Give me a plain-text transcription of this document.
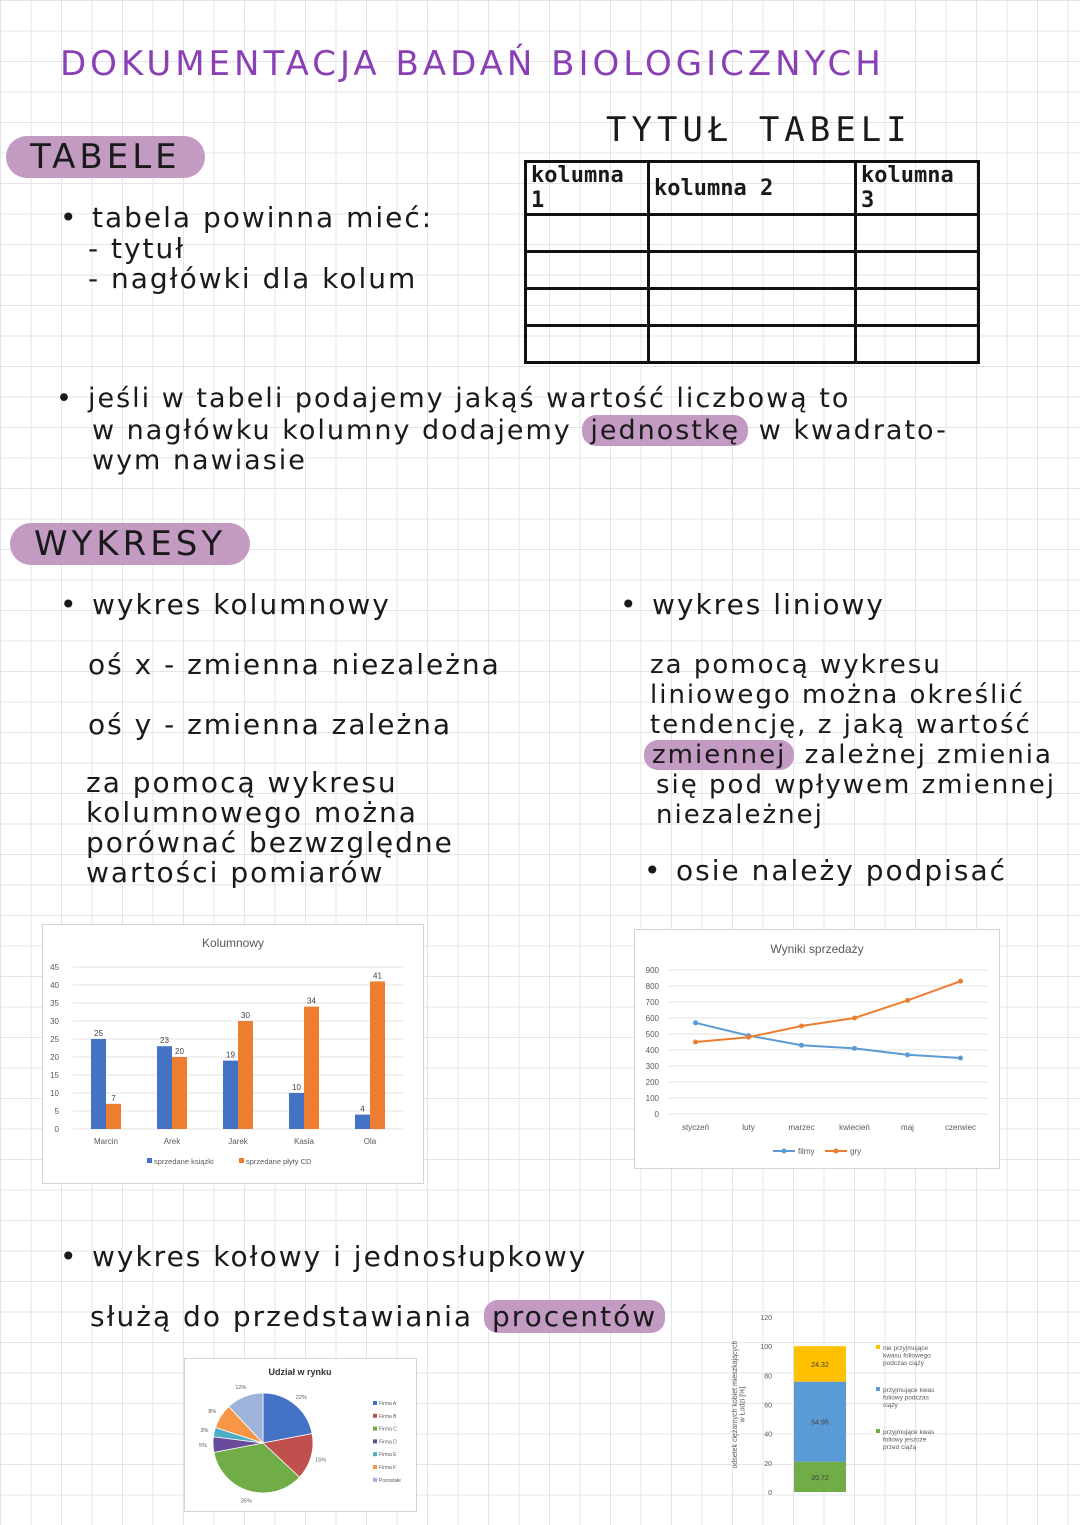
DOKUMENTACJA BADAŃ BIOLOGICZNYCH
TABELE
• tabela powinna mieć:
- tytuł
- nagłówki dla kolum
TYTUŁ TABELI
kolumna 1	kolumna 2	kolumna 3

• jeśli w tabeli podajemy jakąś wartość liczbową to
w nagłówku kolumny dodajemy jednostkę w kwadrato-
wym nawiasie
WYKRESY
• wykres kolumnowy
oś x - zmienna niezależna
oś y - zmienna zależna
za pomocą wykresu
kolumnowego można
porównać bezwzględne
wartości pomiarów
• wykres liniowy
za pomocą wykresu
liniowego można określić
tendencję, z jaką wartość
zmiennej zależnej zmienia
się pod wpływem zmiennej
niezależnej
• osie należy podpisać
Kolumnowy
0
5
10
15
20
25
30
35
40
45
25
7
Marcin
23
20
Arek
19
30
Jarek
10
34
Kasia
4
41
Ola
sprzedane książki	sprzedane płyty CD
Wyniki sprzedaży
0
100
200
300
400
500
600
700
800
900
styczeń	luty	marzec	kwiecień	maj	czerwiec
filmy	gry
• wykres kołowy i jednosłupkowy
służą do przedstawiania procentów
Udział w rynku
22%
15%
35%
5%
3%
8%
12%
Firma A
Firma B
Firma C
Firma D
Firma E
Firma F
Pozostałe
odsetek ciężarnych kobiet mieszkającychw Łodzi [%]
0
20
40
60
80
100
120
20,72
54.95
24.32
nie przyjmujące kwasu foliowego podczas ciąży
przyjmujące kwas foliowy podczas ciąży
przyjmujące kwas foliowy jeszcze przed ciążą
